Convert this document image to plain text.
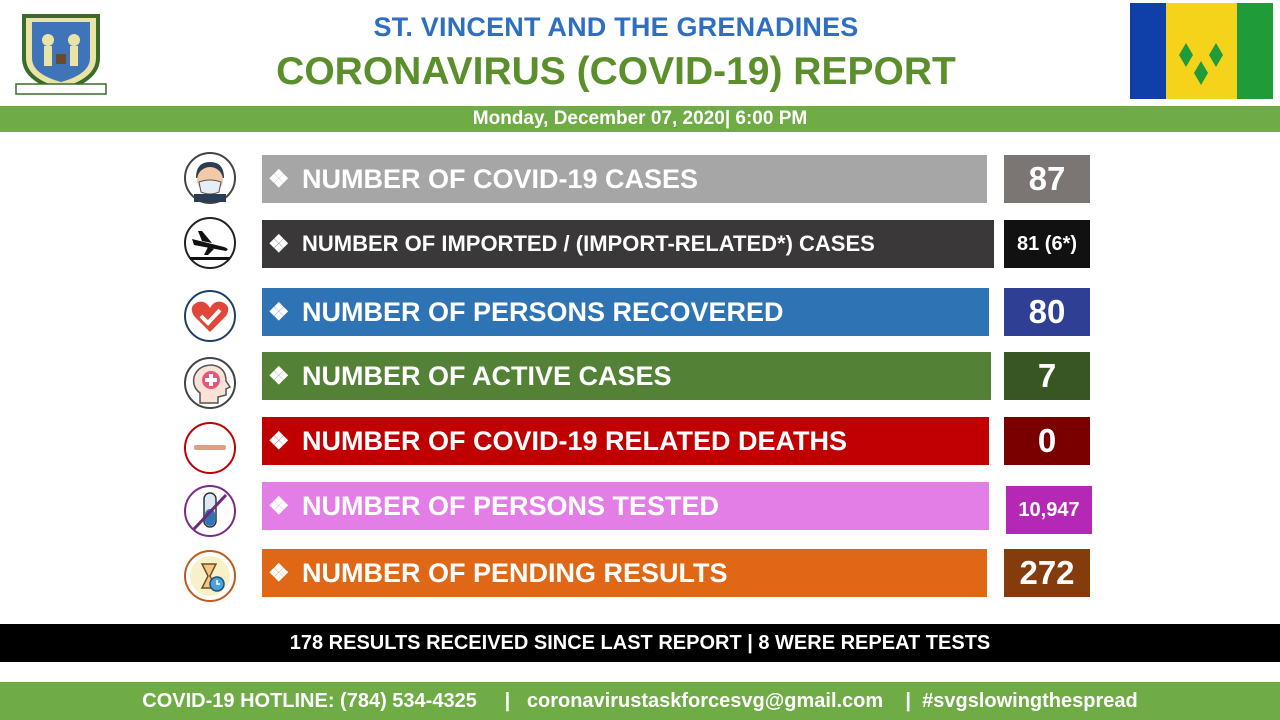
ST. VINCENT AND THE GRENADINES
CORONAVIRUS (COVID-19) REPORT
Monday, December 07, 2020| 6:00 PM
❖ NUMBER OF COVID-19 CASES	87
❖ NUMBER OF IMPORTED / (IMPORT-RELATED*) CASES	81 (6*)
❖ NUMBER OF PERSONS RECOVERED	80
❖ NUMBER OF ACTIVE CASES	7
❖ NUMBER OF COVID-19 RELATED DEATHS	0
❖ NUMBER OF PERSONS TESTED	10,947
❖ NUMBER OF PENDING RESULTS	272
178 RESULTS RECEIVED SINCE LAST REPORT | 8 WERE REPEAT TESTS
COVID-19 HOTLINE: (784) 534-4325     |   coronavirustaskforcesvg@gmail.com    |  #svgslowingthespread
